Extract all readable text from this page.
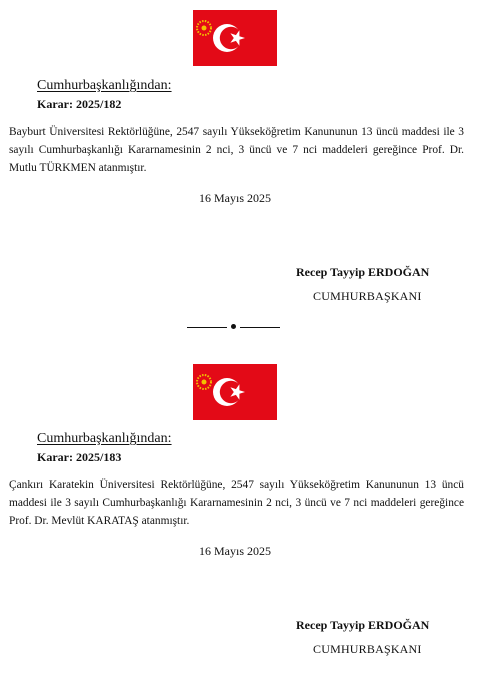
Cumhurbaşkanlığından:
Karar: 2025/182
Bayburt Üniversitesi Rektörlüğüne, 2547 sayılı Yükseköğretim Kanununun 13 üncü maddesi ile 3 sayılı Cumhurbaşkanlığı Kararnamesinin 2 nci, 3 üncü ve 7 nci maddeleri gereğince Prof. Dr. Mutlu TÜRKMEN atanmıştır.
16 Mayıs 2025
Recep Tayyip ERDOĞAN
CUMHURBAŞKANI
Cumhurbaşkanlığından:
Karar: 2025/183
Çankırı Karatekin Üniversitesi Rektörlüğüne, 2547 sayılı Yükseköğretim Kanununun 13 üncü maddesi ile 3 sayılı Cumhurbaşkanlığı Kararnamesinin 2 nci, 3 üncü ve 7 nci maddeleri gereğince Prof. Dr. Mevlüt KARATAŞ atanmıştır.
16 Mayıs 2025
Recep Tayyip ERDOĞAN
CUMHURBAŞKANI
